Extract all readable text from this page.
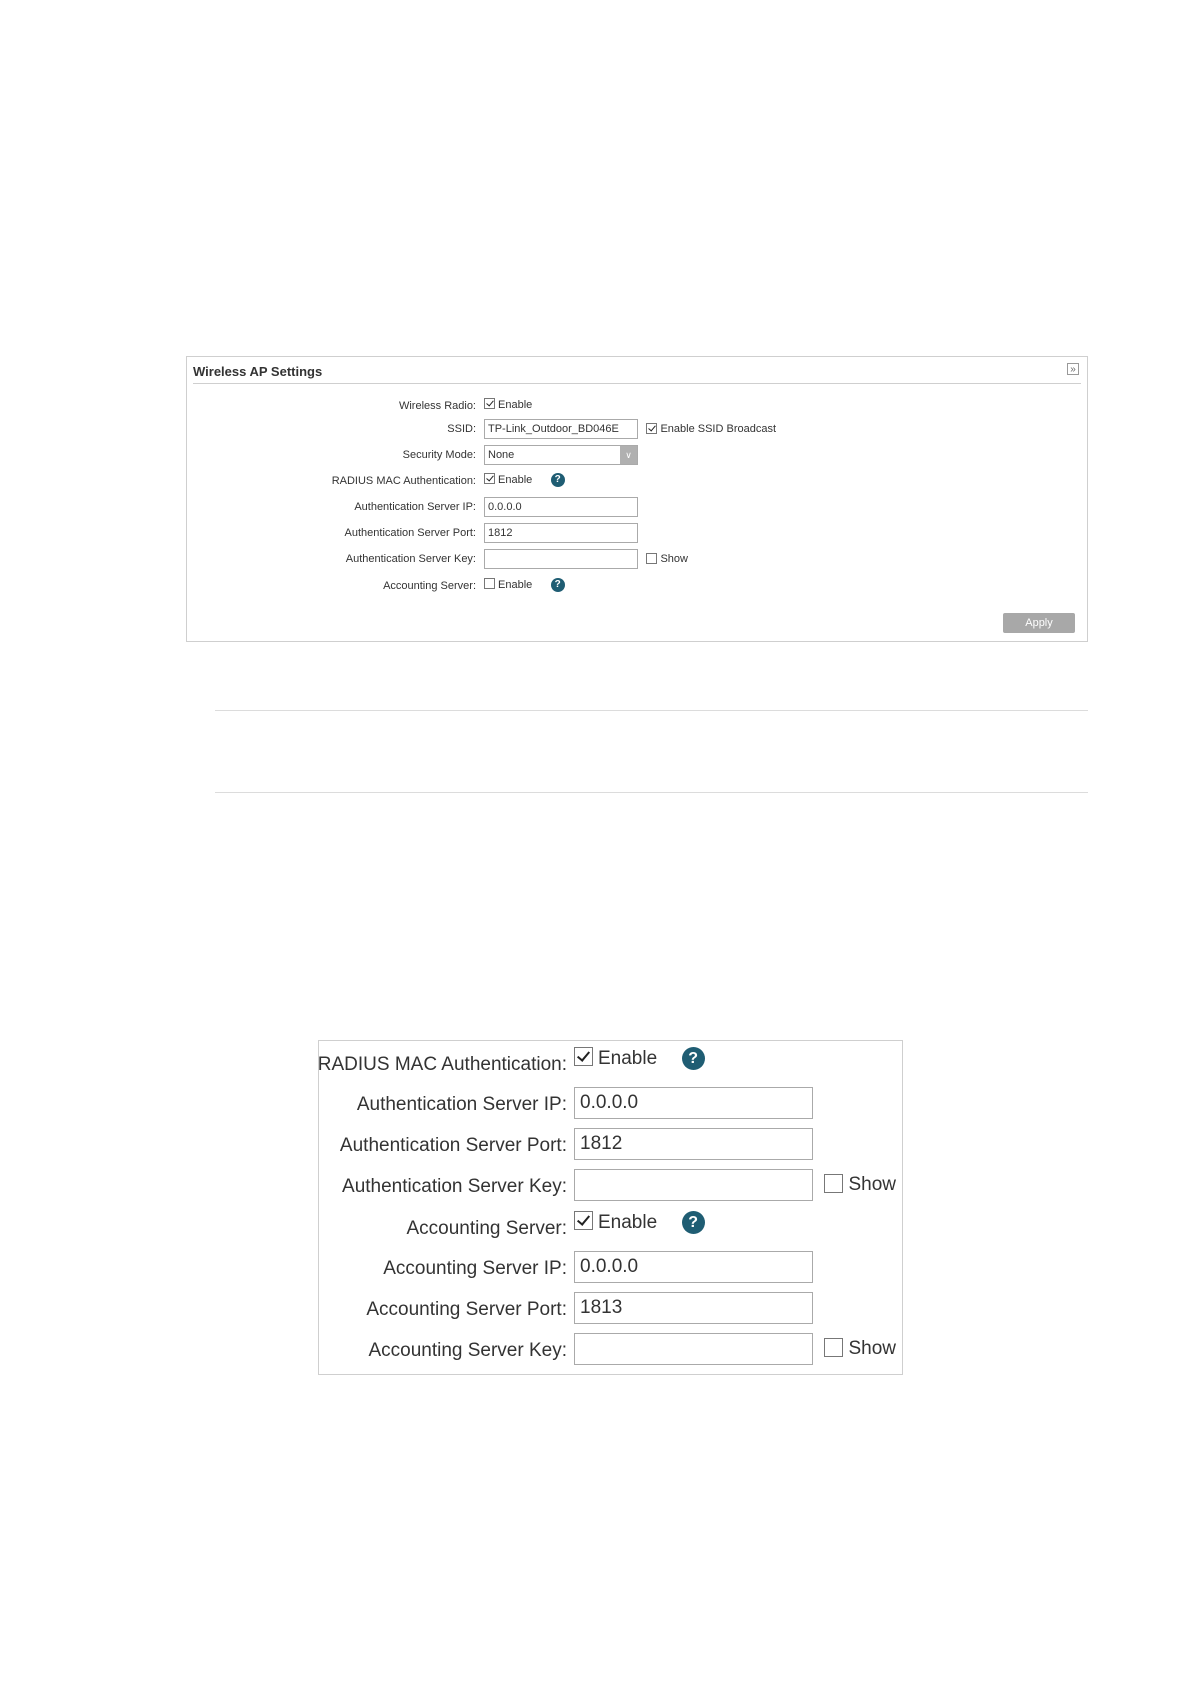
Wireless AP Settings	»
Wireless Radio:	Enable
SSID:	TP-Link_Outdoor_BD046E	Enable SSID Broadcast
Security Mode:	None	∨
RADIUS MAC Authentication:	Enable ?
Authentication Server IP:	0.0.0.0
Authentication Server Port:	1812
Authentication Server Key:	Show
Accounting Server:	Enable ?
Apply
RADIUS MAC Authentication:	Enable ?
Authentication Server IP: 0.0.0.0
Authentication Server Port: 1812
Authentication Server Key:	Show
Accounting Server:	Enable ?
Accounting Server IP: 0.0.0.0
Accounting Server Port: 1813
Accounting Server Key:	Show
